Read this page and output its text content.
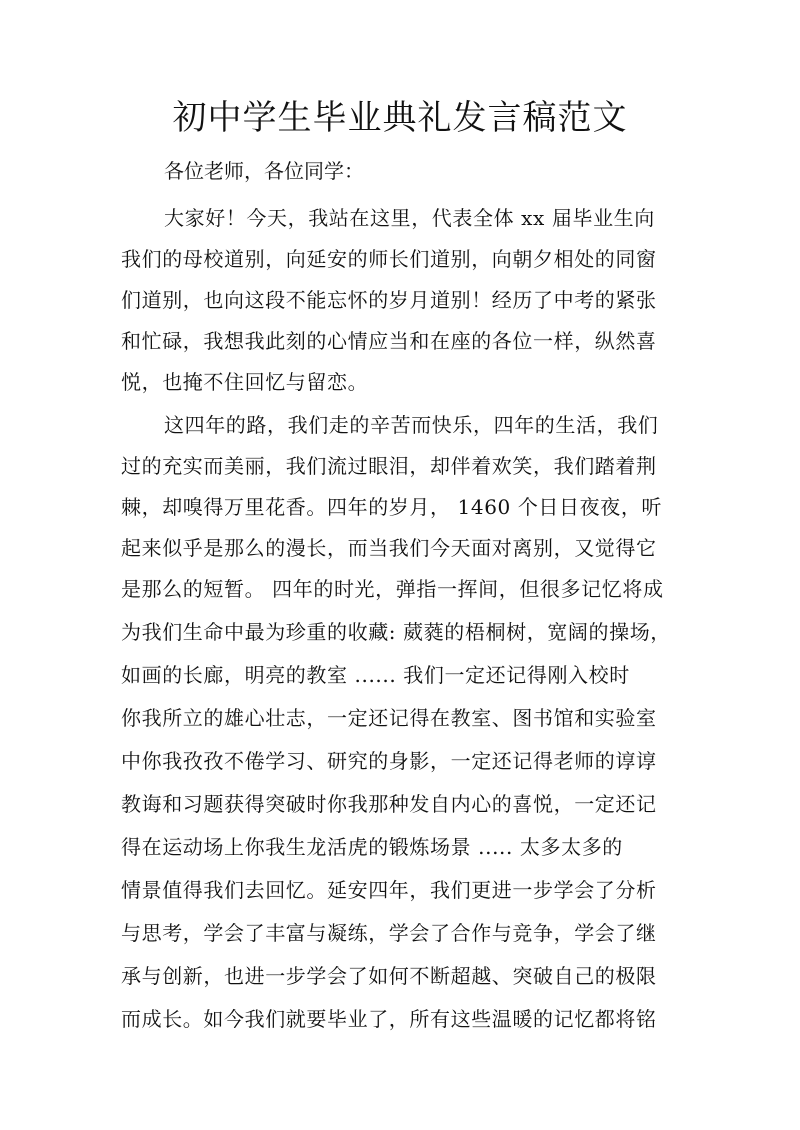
初中学生毕业典礼发言稿范文

各位老师，各位同学：

大家好！今天，我站在这里，代表全体 xx 届毕业生向

我们的母校道别，向延安的师长们道别，向朝夕相处的同窗

们道别，也向这段不能忘怀的岁月道别！经历了中考的紧张

和忙碌，我想我此刻的心情应当和在座的各位一样，纵然喜

悦，也掩不住回忆与留恋。

这四年的路，我们走的辛苦而快乐，四年的生活，我们

过的充实而美丽，我们流过眼泪，却伴着欢笑，我们踏着荆

棘，却嗅得万里花香。四年的岁月， 1460 个日日夜夜，听

起来似乎是那么的漫长，而当我们今天面对离别，又觉得它

是那么的短暂。 四年的时光，弹指一挥间，但很多记忆将成

为我们生命中最为珍重的收藏: 葳蕤的梧桐树，宽阔的操场，

如画的长廊，明亮的教室 ...... 我们一定还记得刚入校时

你我所立的雄心壮志，一定还记得在教室、图书馆和实验室

中你我孜孜不倦学习、研究的身影，一定还记得老师的谆谆

教诲和习题获得突破时你我那种发自内心的喜悦，一定还记

得在运动场上你我生龙活虎的锻炼场景 ..... 太多太多的

情景值得我们去回忆。延安四年，我们更进一步学会了分析

与思考，学会了丰富与凝练，学会了合作与竞争，学会了继

承与创新，也进一步学会了如何不断超越、突破自己的极限

而成长。如今我们就要毕业了，所有这些温暖的记忆都将铭
